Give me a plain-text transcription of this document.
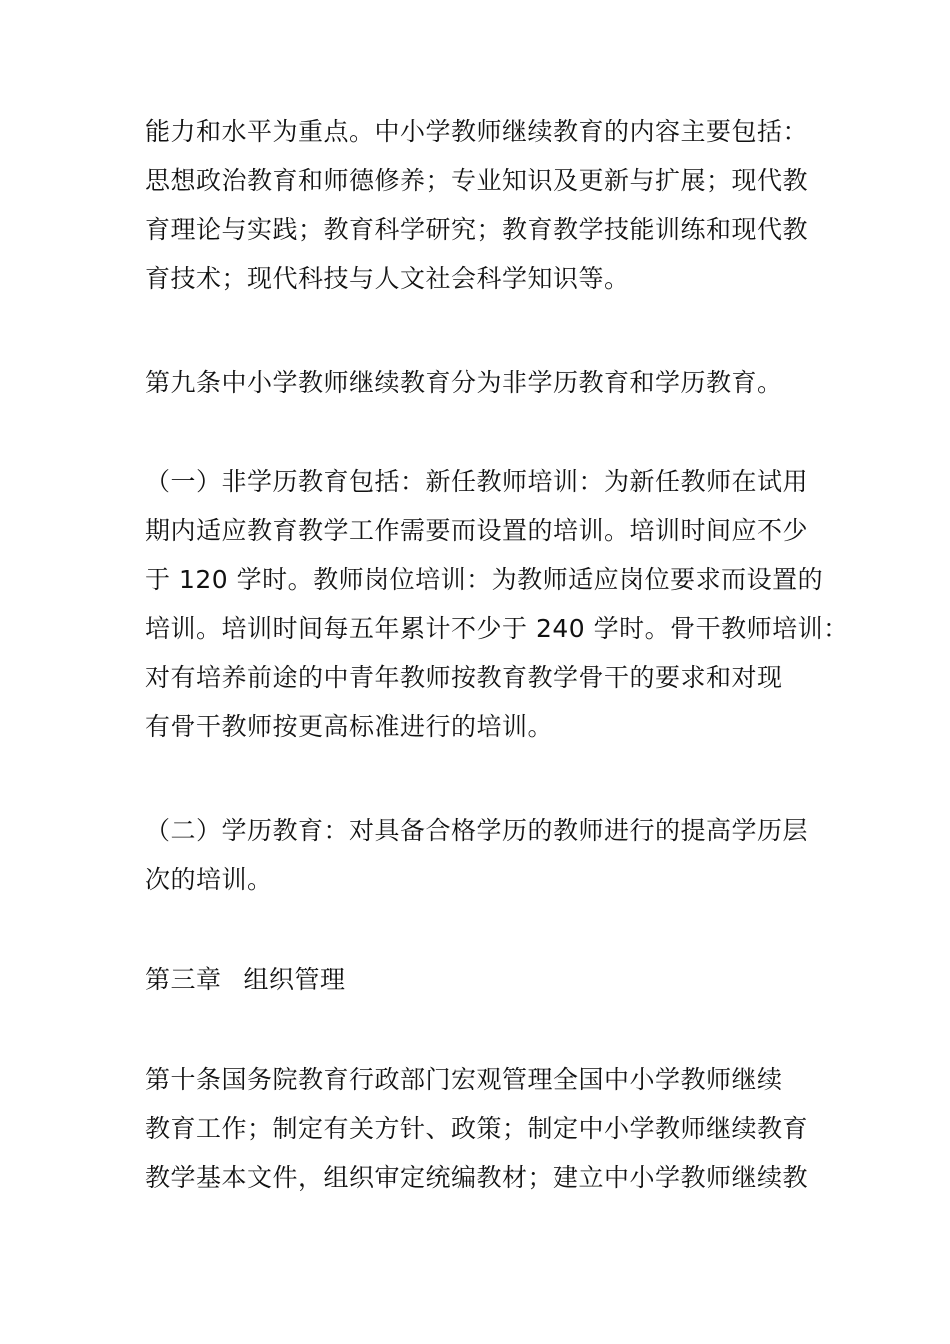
能力和水平为重点。中小学教师继续教育的内容主要包括：
思想政治教育和师德修养；专业知识及更新与扩展；现代教
育理论与实践；教育科学研究；教育教学技能训练和现代教
育技术；现代科技与人文社会科学知识等。
第九条中小学教师继续教育分为非学历教育和学历教育。
（一）非学历教育包括：新任教师培训：为新任教师在试用
期内适应教育教学工作需要而设置的培训。培训时间应不少
于 120 学时。教师岗位培训：为教师适应岗位要求而设置的
培训。培训时间每五年累计不少于 240 学时。骨干教师培训：
对有培养前途的中青年教师按教育教学骨干的要求和对现
有骨干教师按更高标准进行的培训。
（二）学历教育：对具备合格学历的教师进行的提高学历层
次的培训。
第三章 组织管理
第十条国务院教育行政部门宏观管理全国中小学教师继续
教育工作；制定有关方针、政策；制定中小学教师继续教育
教学基本文件，组织审定统编教材；建立中小学教师继续教
